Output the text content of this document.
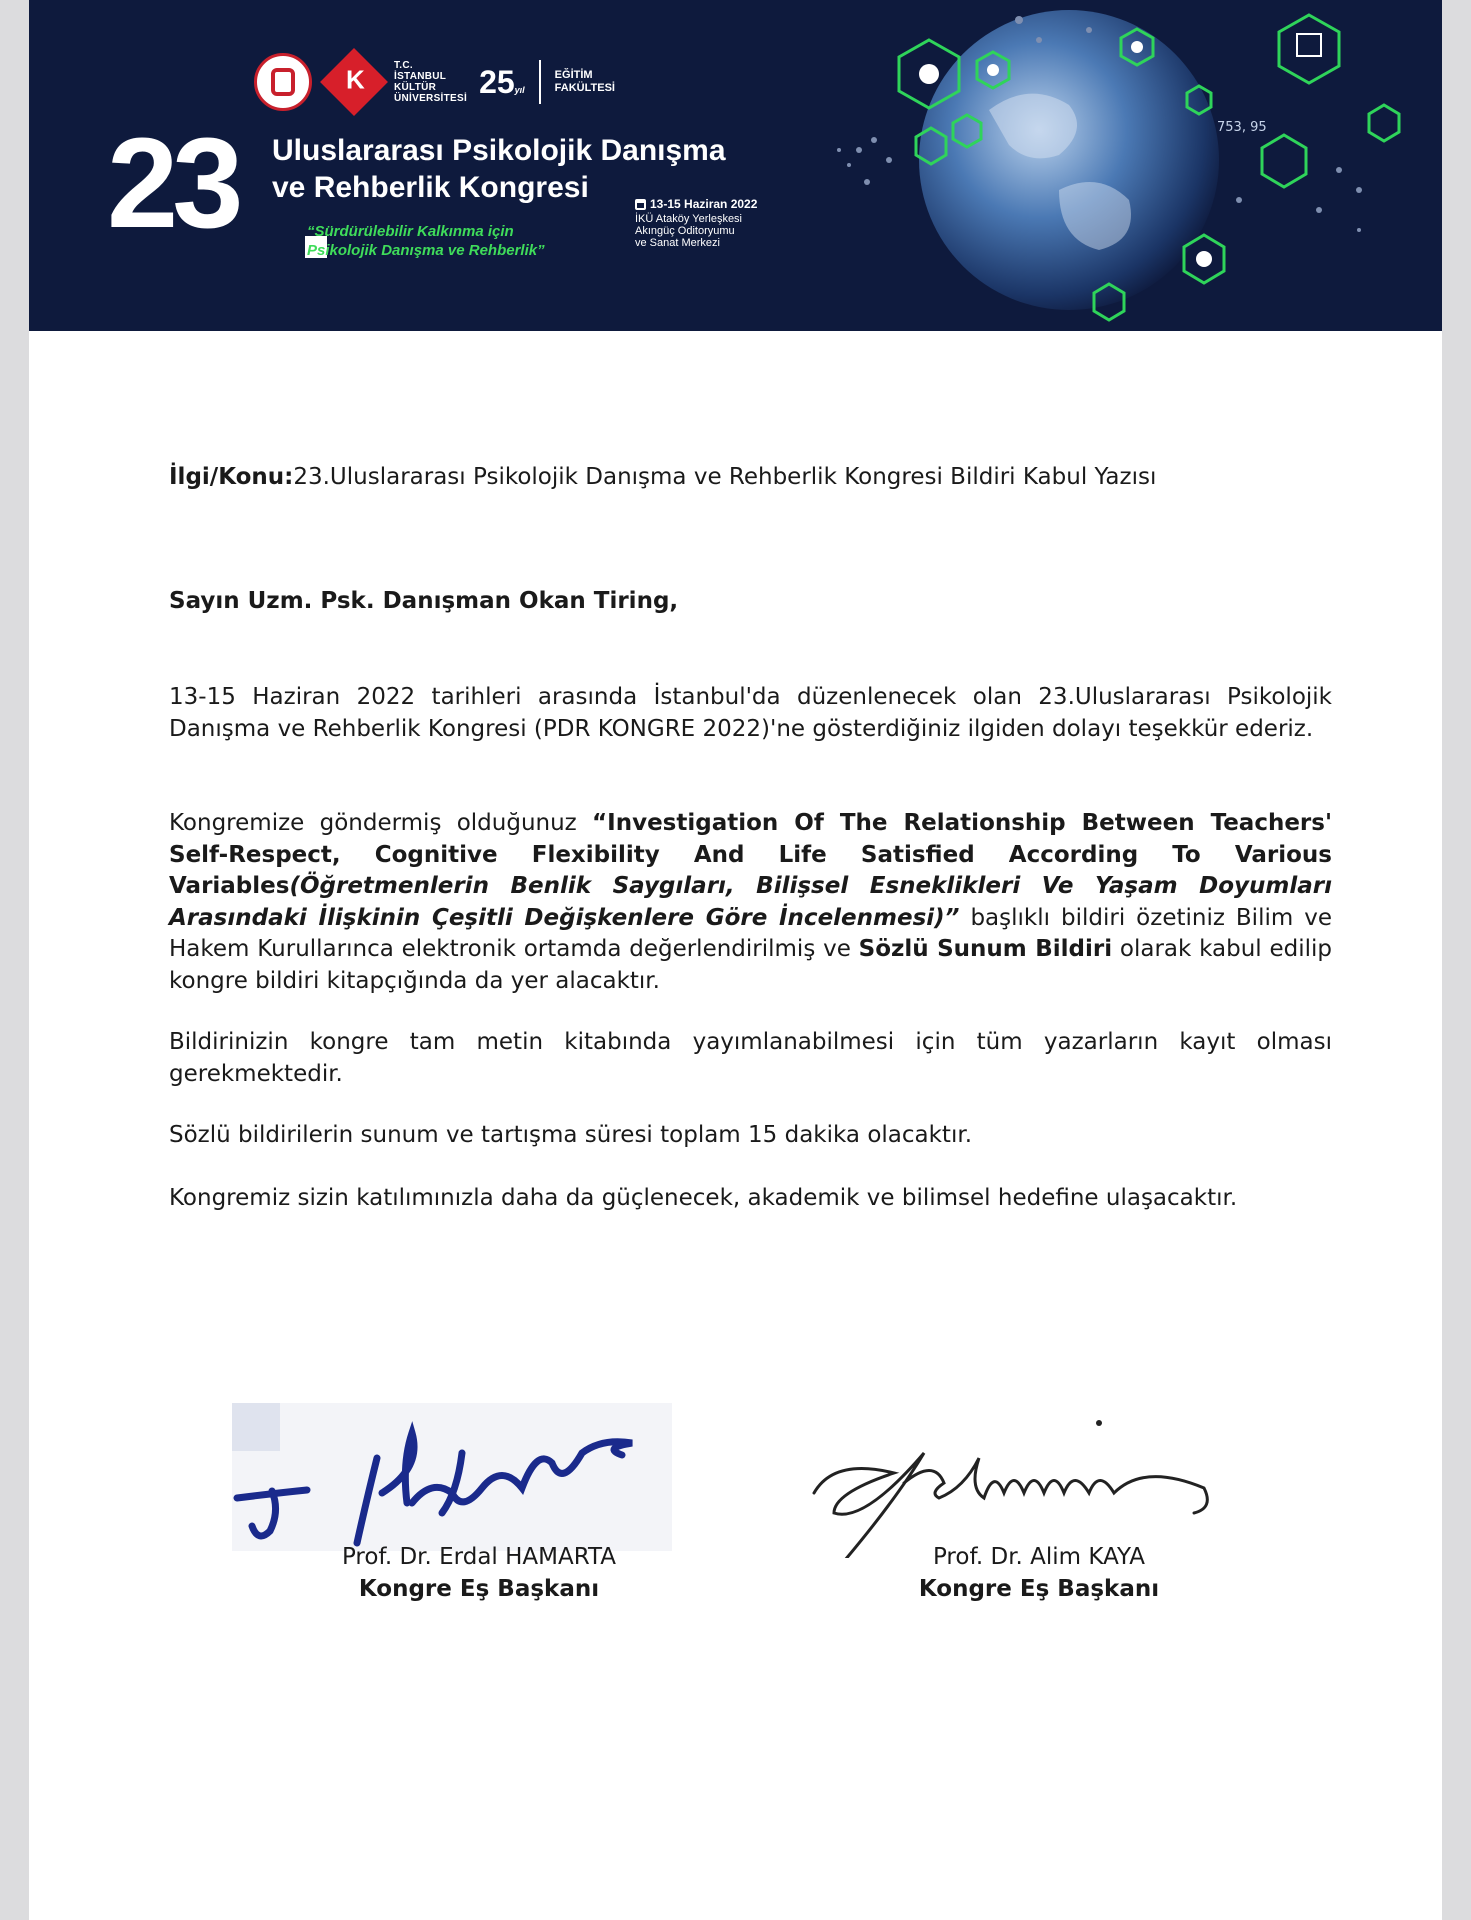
K
T.C.
İSTANBUL
KÜLTÜR
ÜNİVERSİTESİ 25yıl
EĞİTİM
FAKÜLTESİ
23 Uluslararası Psikolojik Danışma
ve Rehberlik Kongresi
“Sürdürülebilir Kalkınma için
Psikolojik Danışma ve Rehberlik”
13-15 Haziran 2022
İKÜ Ataköy Yerleşkesi
Akıngüç Oditoryumu
ve Sanat Merkezi
753, 95
İlgi/Konu:23.Uluslararası Psikolojik Danışma ve Rehberlik Kongresi Bildiri Kabul Yazısı
Sayın Uzm. Psk. Danışman Okan Tiring,
13-15 Haziran 2022 tarihleri arasında İstanbul'da düzenlenecek olan 23.Uluslararası Psikolojik Danışma ve Rehberlik Kongresi (PDR KONGRE 2022)'ne gösterdiğiniz ilgiden dolayı teşekkür ederiz.
Kongremize göndermiş olduğunuz “Investigation Of The Relationship Between Teachers' Self-Respect, Cognitive Flexibility And Life Satisfied According To Various Variables(Öğretmenlerin Benlik Saygıları, Bilişsel Esneklikleri Ve Yaşam Doyumları Arasındaki İlişkinin Çeşitli Değişkenlere Göre İncelenmesi)” başlıklı bildiri özetiniz Bilim ve Hakem Kurullarınca elektronik ortamda değerlendirilmiş ve Sözlü Sunum Bildiri olarak kabul edilip kongre bildiri kitapçığında da yer alacaktır.
Bildirinizin kongre tam metin kitabında yayımlanabilmesi için tüm yazarların kayıt olması gerekmektedir.
Sözlü bildirilerin sunum ve tartışma süresi toplam 15 dakika olacaktır.
Kongremiz sizin katılımınızla daha da güçlenecek, akademik ve bilimsel hedefine ulaşacaktır.
Prof. Dr. Erdal HAMARTA
Kongre Eş Başkanı
Prof. Dr. Alim KAYA
Kongre Eş Başkanı
